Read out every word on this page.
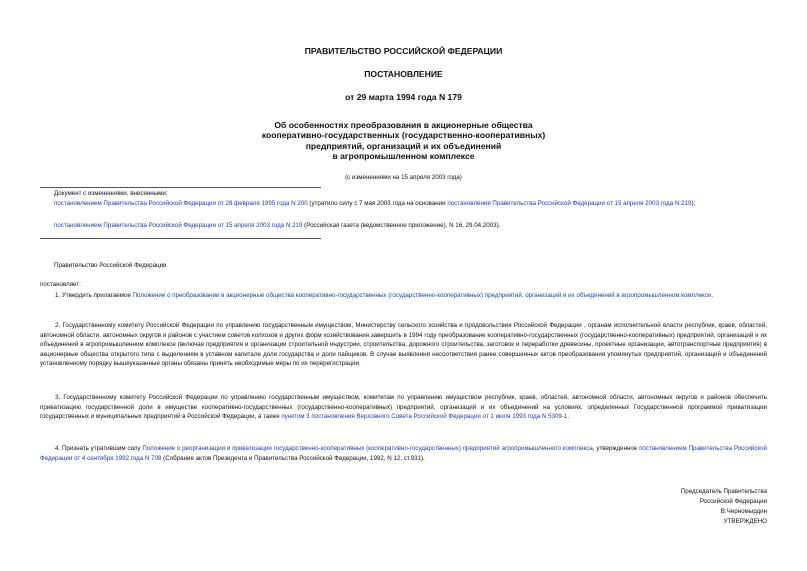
ПРАВИТЕЛЬСТВО РОССИЙСКОЙ ФЕДЕРАЦИИ
ПОСТАНОВЛЕНИЕ
от 29 марта 1994 года N 179
Об особенностях преобразования в акционерные общества
кооперативно-государственных (государственно-кооперативных)
предприятий, организаций и их объединений
в агропромышленном комплексе
(с изменениями на 15 апреля 2003 года)
Документ с изменениями, внесенными:
постановлением Правительства Российской Федерации от 28 февраля 1995 года N 200 (утратило силу с 7 мая 2003 года на основании постановления Правительства Российской Федерации от 15 апреля 2003 года N 219);
постановлением Правительства Российской Федерации от 15 апреля 2003 года N 219 (Российская газета (ведомственное приложение), N 16, 29.04.2003).
Правительство Российской Федерации
постановляет:
1. Утвердить прилагаемое Положение о преобразовании в акционерные общества кооперативно-государственных (государственно-кооперативных) предприятий, организаций и их объединений в агропромышленном комплексе.
2. Государственному комитету Российской Федерации по управлению государственным имуществом, Министерству сельского хозяйства и продовольствия Российской Федерации , органам исполнительной власти республик, краев, областей, автономной области, автономных округов и районов с участием советов колхозов и других форм хозяйствования завершить в 1994 году преобразование кооперативно-государственных (государственно-кооперативных) предприятий, организаций и их объединений в агропромышленном комплексе (включая предприятия и организации строительной индустрии, строительства, дорожного строительства, заготовок и переработки древесины, проектные организации, автотранспортные предприятия) в акционерные общества открытого типа с выделением в уставном капитале доли государства и доли пайщиков. В случае выявления несоответствия ранее совершенных актов преобразования упомянутых предприятий, организаций и объединений установленному порядку вышеуказанные органы обязаны принять необходимые меры по их перерегистрации.
3. Государственному комитету Российской Федерации по управлению государственным имуществом, комитетам по управлению имуществом республик, краев, областей, автономной области, автономных округов и районов обеспечить приватизацию государственной доли в имуществе кооперативно-государственных (государственно-кооперативных) предприятий, организаций и их объединений на условиях, определенных Государственной программой приватизации государственных и муниципальных предприятий в Российской Федерации, а также пунктом 3 постановления Верховного Совета Российской Федерации от 1 июля 1993 года N 5309-1.
4. Признать утратившим силу Положение о реорганизации и приватизации государственно-кооперативных (кооперативно-государственных) предприятий агропромышленного комплекса, утвержденное постановлением Правительства Российской Федерации от 4 сентября 1992 года N 708 (Собрание актов Президента и Правительства Российской Федерации, 1992, N 12, ст.931).
Председатель Правительства
Российской Федерации
В.Черномырдин
УТВЕРЖДЕНО
